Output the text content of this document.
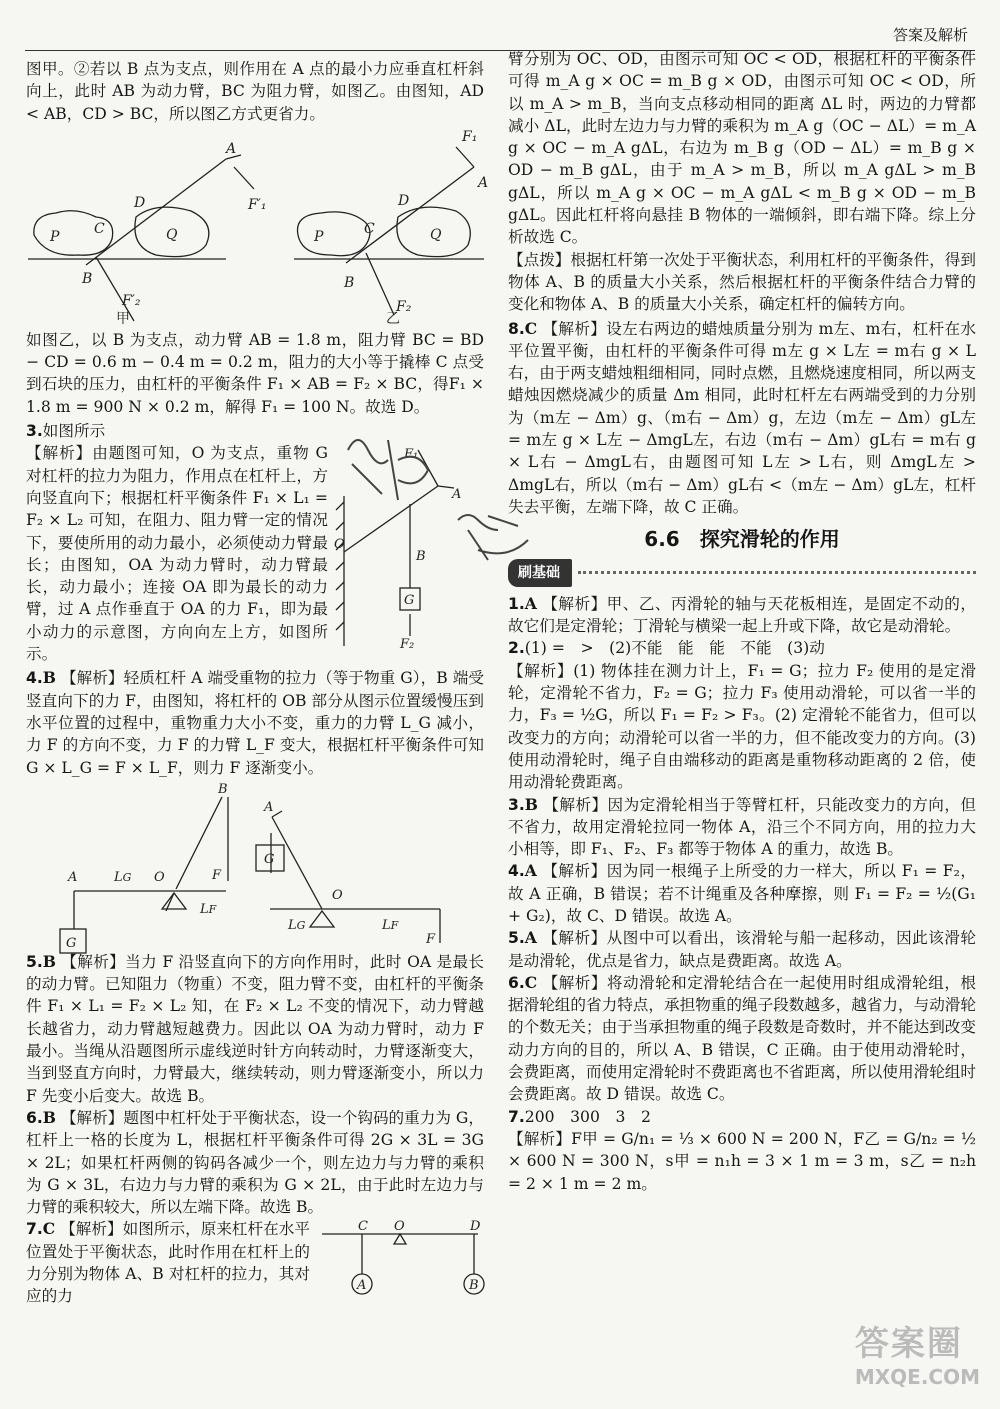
答案及解析

图甲。②若以 B 点为支点，则作用在 A 点的最小力应垂直杠杆斜向上，此时 AB 为动力臂，BC 为阻力臂，如图乙。由图知，AD < AB，CD > BC，所以图乙方式更省力。

P	Q
A
D
C
B
F′₁
F′₂
P	Q
A
D
C
B
F₁
F₂
甲	乙

如图乙，以 B 为支点，动力臂 AB = 1.8 m，阻力臂 BC = BD − CD = 0.6 m − 0.4 m = 0.2 m，阻力的大小等于撬棒 C 点受到石块的压力，由杠杆的平衡条件 F₁ × AB = F₂ × BC，得F₁ × 1.8 m = 900 N × 0.2 m，解得 F₁ = 100 N。故选 D。

3.如图所示

O
B
A
G
F₁
F₂

【解析】由题图可知，O 为支点，重物 G 对杠杆的拉力为阻力，作用点在杠杆上，方向竖直向下；根据杠杆平衡条件 F₁ × L₁ = F₂ × L₂ 可知，在阻力、阻力臂一定的情况下，要使所用的动力最小，必须使动力臂最长；由图知，OA 为动力臂时，动力臂最长，动力最小；连接 OA 即为最长的动力臂，过 A 点作垂直于 OA 的力 F₁，即为最小动力的示意图，方向向左上方，如图所示。

4.B 【解析】轻质杠杆 A 端受重物的拉力（等于物重 G），B 端受竖直向下的力 F，由图知，将杠杆的 OB 部分从图示位置缓慢压到水平位置的过程中，重物重力大小不变，重力的力臂 L_G 减小，力 F 的方向不变，力 F 的力臂 L_F 变大，根据杠杆平衡条件可知G × L_G = F × L_F，则力 F 逐渐变小。

A	LG O
B
F
LF
G
A
G
O
LG	LF
F

5.B 【解析】当力 F 沿竖直向下的方向作用时，此时 OA 是最长的动力臂。已知阻力（物重）不变，阻力臂不变，由杠杆的平衡条件 F₁ × L₁ = F₂ × L₂ 知，在 F₂ × L₂ 不变的情况下，动力臂越长越省力，动力臂越短越费力。因此以 OA 为动力臂时，动力 F 最小。当绳从沿题图所示虚线逆时针方向转动时，力臂逐渐变大，当到竖直方向时，力臂最大，继续转动，则力臂逐渐变小，所以力 F 先变小后变大。故选 B。

6.B 【解析】题图中杠杆处于平衡状态，设一个钩码的重力为 G，杠杆上一格的长度为 L，根据杠杆平衡条件可得 2G × 3L = 3G × 2L；如果杠杆两侧的钩码各减少一个，则左边力与力臂的乘积为 G × 3L，右边力与力臂的乘积为 G × 2L，由于此时左边力与力臂的乘积较大，所以左端下降。故选 B。

C O	D
A	B

7.C 【解析】如图所示，原来杠杆在水平位置处于平衡状态，此时作用在杠杆上的力分别为物体 A、B 对杠杆的拉力，其对应的力

臂分别为 OC、OD，由图示可知 OC < OD，根据杠杆的平衡条件可得 m_A g × OC = m_B g × OD，由图示可知 OC < OD，所以 m_A > m_B，当向支点移动相同的距离 ΔL 时，两边的力臂都减小 ΔL，此时左边力与力臂的乘积为 m_A g（OC − ΔL）= m_A g × OC − m_A gΔL，右边为 m_B g（OD − ΔL）= m_B g × OD − m_B gΔL，由于 m_A > m_B，所以 m_A gΔL > m_B gΔL，所以 m_A g × OC − m_A gΔL < m_B g × OD − m_B gΔL。因此杠杆将向悬挂 B 物体的一端倾斜，即右端下降。综上分析故选 C。

【点拨】根据杠杆第一次处于平衡状态，利用杠杆的平衡条件，得到物体 A、B 的质量大小关系，然后根据杠杆的平衡条件结合力臂的变化和物体 A、B 的质量大小关系，确定杠杆的偏转方向。

8.C 【解析】设左右两边的蜡烛质量分别为 m左、m右，杠杆在水平位置平衡，由杠杆的平衡条件可得 m左 g × L左 = m右 g × L右，由于两支蜡烛粗细相同，同时点燃，且燃烧速度相同，所以两支蜡烛因燃烧减少的质量 Δm 相同，此时杠杆左右两端受到的力分别为（m左 − Δm）g、（m右 − Δm）g，左边（m左 − Δm）gL左 = m左 g × L左 − ΔmgL左，右边（m右 − Δm）gL右 = m右 g × L右 − ΔmgL右，由题图可知 L左 > L右，则 ΔmgL左 > ΔmgL右，所以（m右 − Δm）gL右 <（m左 − Δm）gL左，杠杆失去平衡，左端下降，故 C 正确。

6.6　探究滑轮的作用
刷基础

1.A 【解析】甲、乙、丙滑轮的轴与天花板相连，是固定不动的，故它们是定滑轮；丁滑轮与横梁一起上升或下降，故它是动滑轮。

2.(1) =　>　(2)不能　能　能　不能　(3)动

【解析】(1) 物体挂在测力计上，F₁ = G；拉力 F₂ 使用的是定滑轮，定滑轮不省力，F₂ = G；拉力 F₃ 使用动滑轮，可以省一半的力，F₃ = ½G，所以 F₁ = F₂ > F₃。(2) 定滑轮不能省力，但可以改变力的方向；动滑轮可以省一半的力，但不能改变力的方向。(3) 使用动滑轮时，绳子自由端移动的距离是重物移动距离的 2 倍，使用动滑轮费距离。

3.B 【解析】因为定滑轮相当于等臂杠杆，只能改变力的方向，但不省力，故用定滑轮拉同一物体 A，沿三个不同方向，用的拉力大小相等，即 F₁、F₂、F₃ 都等于物体 A 的重力，故选 B。

4.A 【解析】因为同一根绳子上所受的力一样大，所以 F₁ = F₂，故 A 正确，B 错误；若不计绳重及各种摩擦，则 F₁ = F₂ = ½(G₁ + G₂)，故 C、D 错误。故选 A。

5.A 【解析】从图中可以看出，该滑轮与船一起移动，因此该滑轮是动滑轮，优点是省力，缺点是费距离。故选 A。

6.C 【解析】将动滑轮和定滑轮结合在一起使用时组成滑轮组，根据滑轮组的省力特点，承担物重的绳子段数越多，越省力，与动滑轮的个数无关；由于当承担物重的绳子段数是奇数时，并不能达到改变动力方向的目的，所以 A、B 错误，C 正确。由于使用动滑轮时，会费距离，而使用定滑轮时不费距离也不省距离，所以使用滑轮组时会费距离。故 D 错误。故选 C。

7.200　300　3　2

【解析】F甲 = G/n₁ = ⅓ × 600 N = 200 N，F乙 = G/n₂ = ½ × 600 N = 300 N，s甲 = n₁h = 3 × 1 m = 3 m，s乙 = n₂h = 2 × 1 m = 2 m。

答案圈
MXQE.COM
